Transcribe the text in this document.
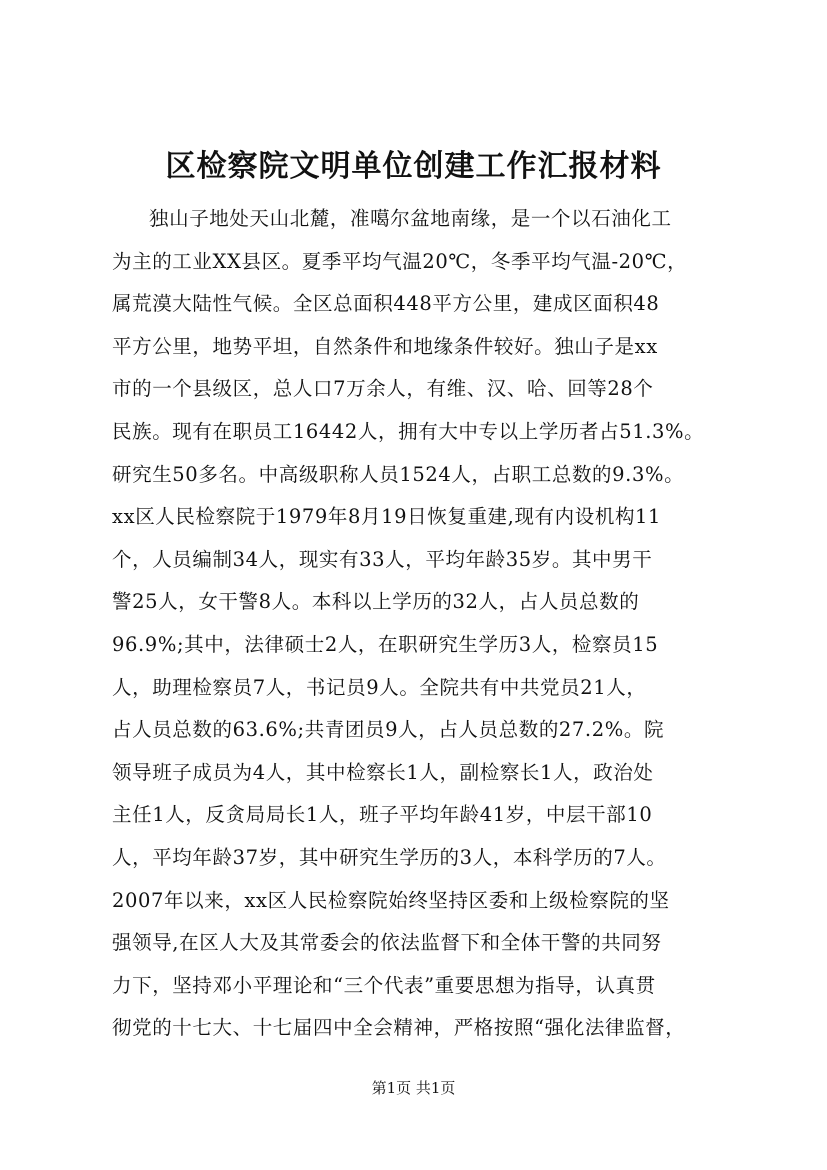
区检察院文明单位创建工作汇报材料

独山子地处天山北麓，准噶尔盆地南缘，是一个以石油化工

为主的工业XX县区。夏季平均气温20℃，冬季平均气温-20℃，

属荒漠大陆性气候。全区总面积448平方公里，建成区面积48

平方公里，地势平坦，自然条件和地缘条件较好。独山子是xx

市的一个县级区，总人口7万余人，有维、汉、哈、回等28个

民族。现有在职员工16442人，拥有大中专以上学历者占51.3%。

研究生50多名。中高级职称人员1524人，占职工总数的9.3%。

xx区人民检察院于1979年8月19日恢复重建,现有内设机构11

个，人员编制34人，现实有33人，平均年龄35岁。其中男干

警25人，女干警8人。本科以上学历的32人，占人员总数的

96.9%;其中，法律硕士2人，在职研究生学历3人，检察员15

人，助理检察员7人，书记员9人。全院共有中共党员21人，

占人员总数的63.6%;共青团员9人，占人员总数的27.2%。院

领导班子成员为4人，其中检察长1人，副检察长1人，政治处

主任1人，反贪局局长1人，班子平均年龄41岁，中层干部10

人，平均年龄37岁，其中研究生学历的3人，本科学历的7人。

2007年以来，xx区人民检察院始终坚持区委和上级检察院的坚

强领导,在区人大及其常委会的依法监督下和全体干警的共同努

力下，坚持邓小平理论和“三个代表”重要思想为指导，认真贯

彻党的十七大、十七届四中全会精神，严格按照“强化法律监督，

第1页 共1页
